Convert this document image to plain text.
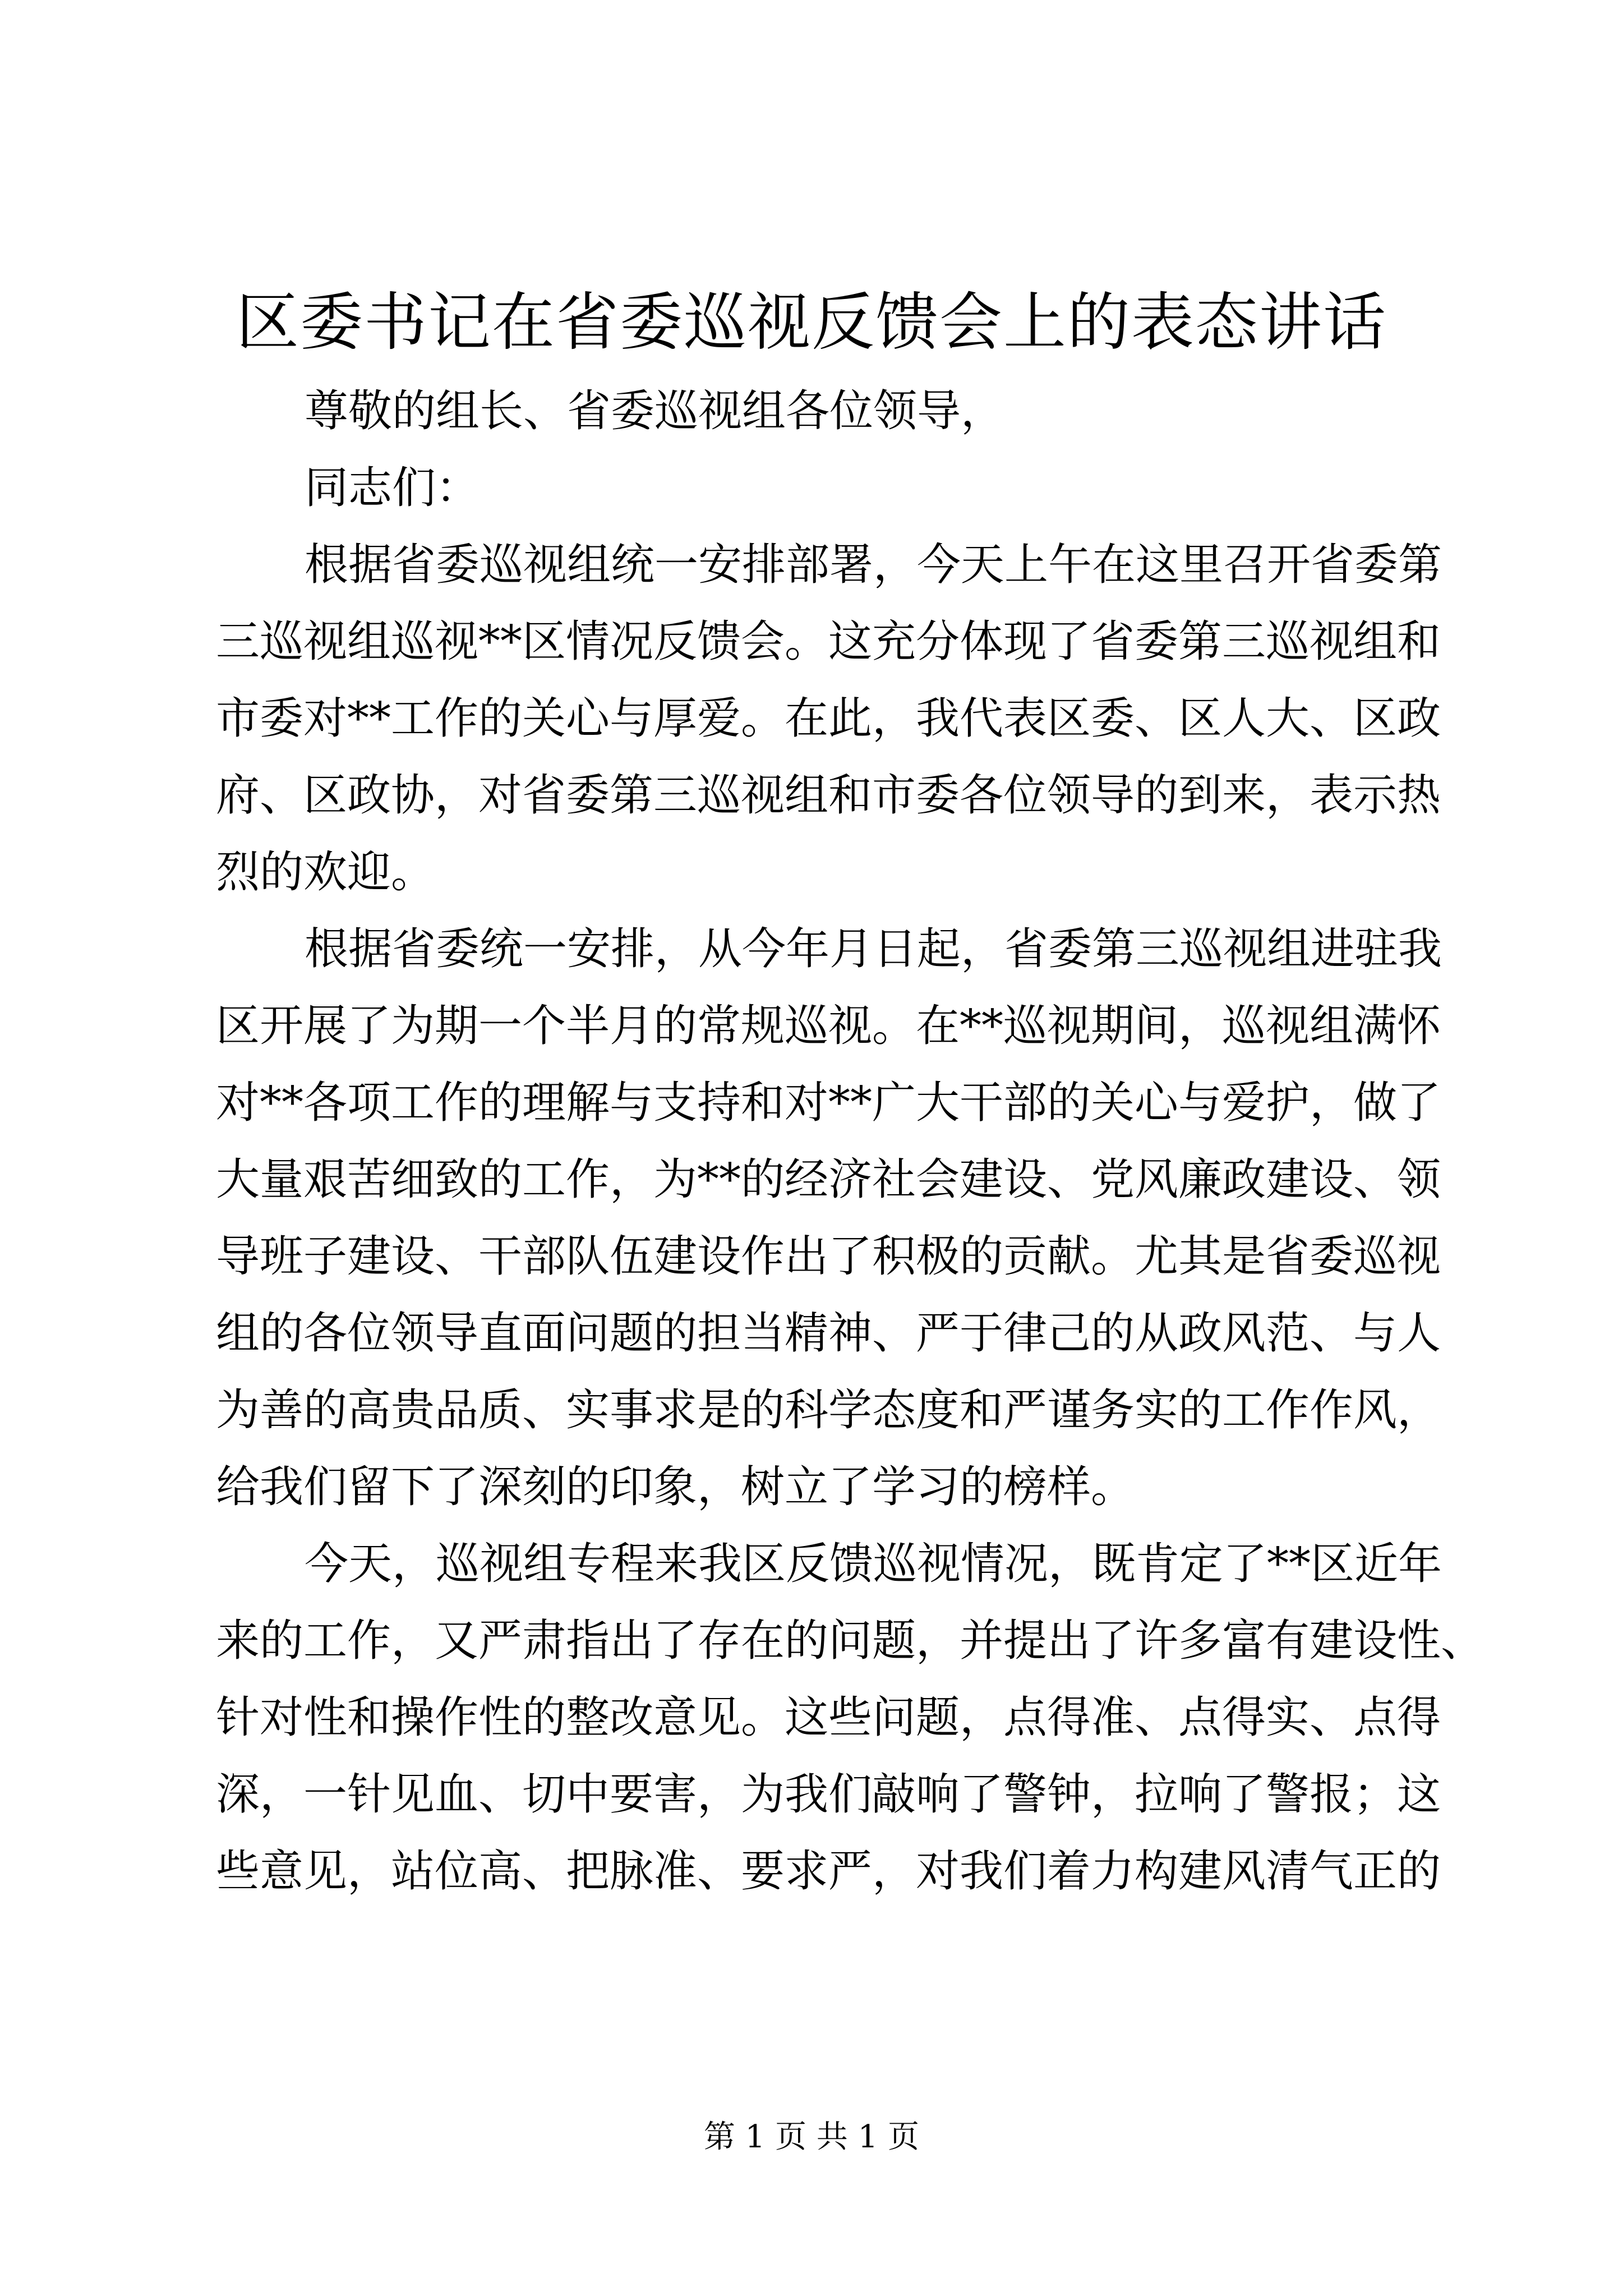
区委书记在省委巡视反馈会上的表态讲话
尊敬的组长、省委巡视组各位领导，
同志们：
根据省委巡视组统一安排部署，今天上午在这里召开省委第
三巡视组巡视**区情况反馈会。这充分体现了省委第三巡视组和
市委对**工作的关心与厚爱。在此，我代表区委、区人大、区政
府、区政协，对省委第三巡视组和市委各位领导的到来，表示热
烈的欢迎。
根据省委统一安排，从今年月日起，省委第三巡视组进驻我
区开展了为期一个半月的常规巡视。在**巡视期间，巡视组满怀
对**各项工作的理解与支持和对**广大干部的关心与爱护，做了
大量艰苦细致的工作，为**的经济社会建设、党风廉政建设、领
导班子建设、干部队伍建设作出了积极的贡献。尤其是省委巡视
组的各位领导直面问题的担当精神、严于律己的从政风范、与人
为善的高贵品质、实事求是的科学态度和严谨务实的工作作风，
给我们留下了深刻的印象，树立了学习的榜样。
今天，巡视组专程来我区反馈巡视情况，既肯定了**区近年
来的工作，又严肃指出了存在的问题，并提出了许多富有建设性、
针对性和操作性的整改意见。这些问题，点得准、点得实、点得
深，一针见血、切中要害，为我们敲响了警钟，拉响了警报；这
些意见，站位高、把脉准、要求严，对我们着力构建风清气正的
第 1 页 共 1 页
